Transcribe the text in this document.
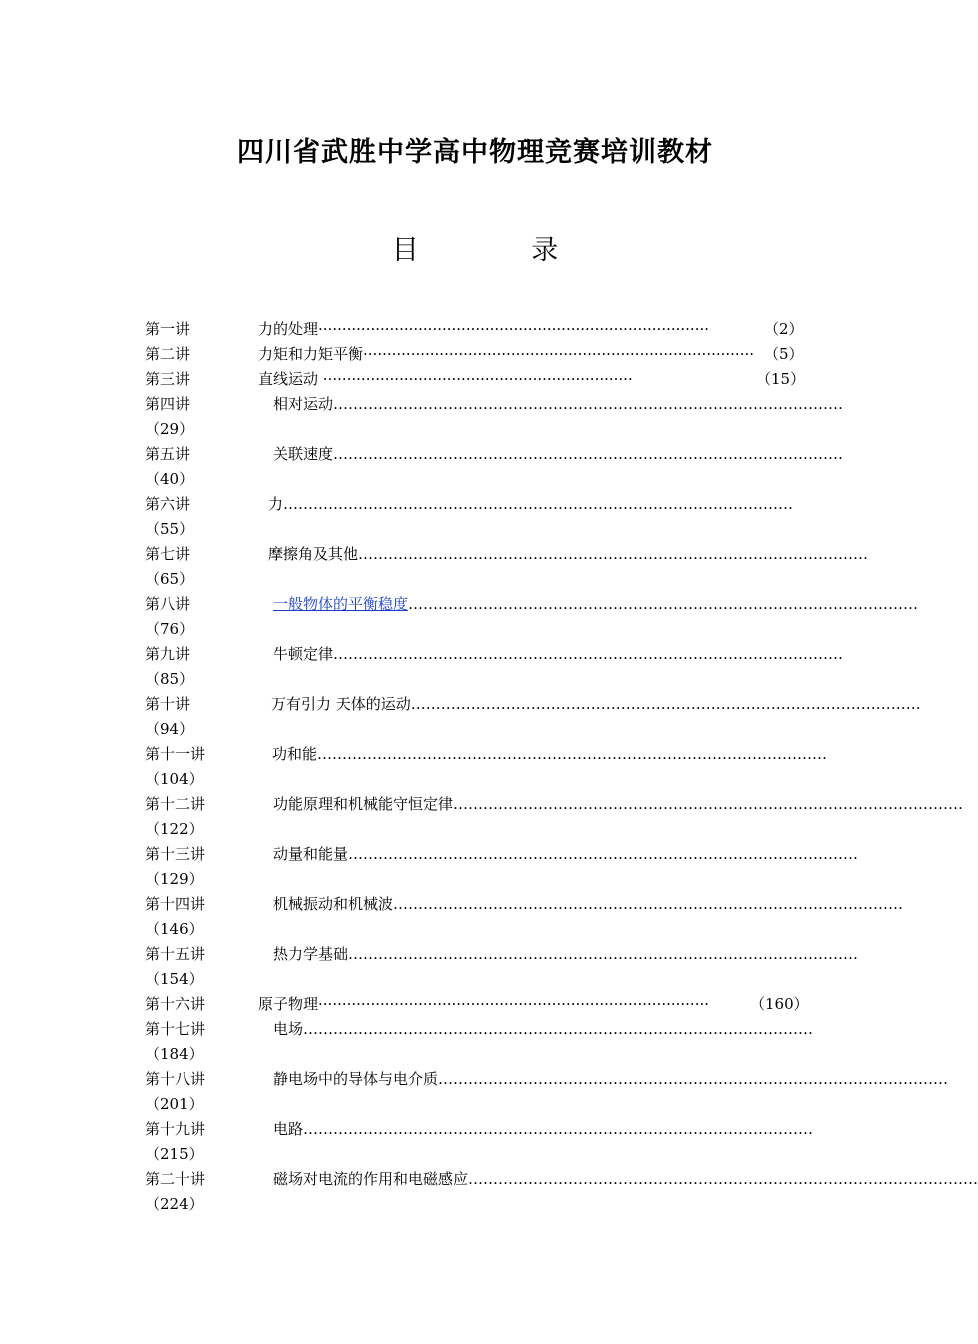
四川省武胜中学高中物理竞赛培训教材
目 录
第一讲	力的处理··················································································	（2）
第二讲	力矩和力矩平衡·················································································· （5）
第三讲	直线运动 ·································································	（15）
第四讲	相对运动…………………………………………………………………………………………
（29）
第五讲	关联速度…………………………………………………………………………………………
（40）
第六讲	力…………………………………………………………………………………………
（55）
第七讲	摩擦角及其他…………………………………………………………………………………………
（65）
第八讲	一般物体的平衡稳度…………………………………………………………………………………………
（76）
第九讲	牛顿定律…………………………………………………………………………………………
（85）
第十讲	万有引力 天体的运动…………………………………………………………………………………………
（94）
第十一讲	功和能…………………………………………………………………………………………
（104）
第十二讲	功能原理和机械能守恒定律…………………………………………………………………………………………
（122）
第十三讲	动量和能量…………………………………………………………………………………………
（129）
第十四讲	机械振动和机械波…………………………………………………………………………………………
（146）
第十五讲	热力学基础…………………………………………………………………………………………
（154）
第十六讲	原子物理··················································································	（160）
第十七讲	电场…………………………………………………………………………………………
（184）
第十八讲	静电场中的导体与电介质…………………………………………………………………………………………
（201）
第十九讲	电路…………………………………………………………………………………………
（215）
第二十讲	磁场对电流的作用和电磁感应…………………………………………………………………………………………
（224）
